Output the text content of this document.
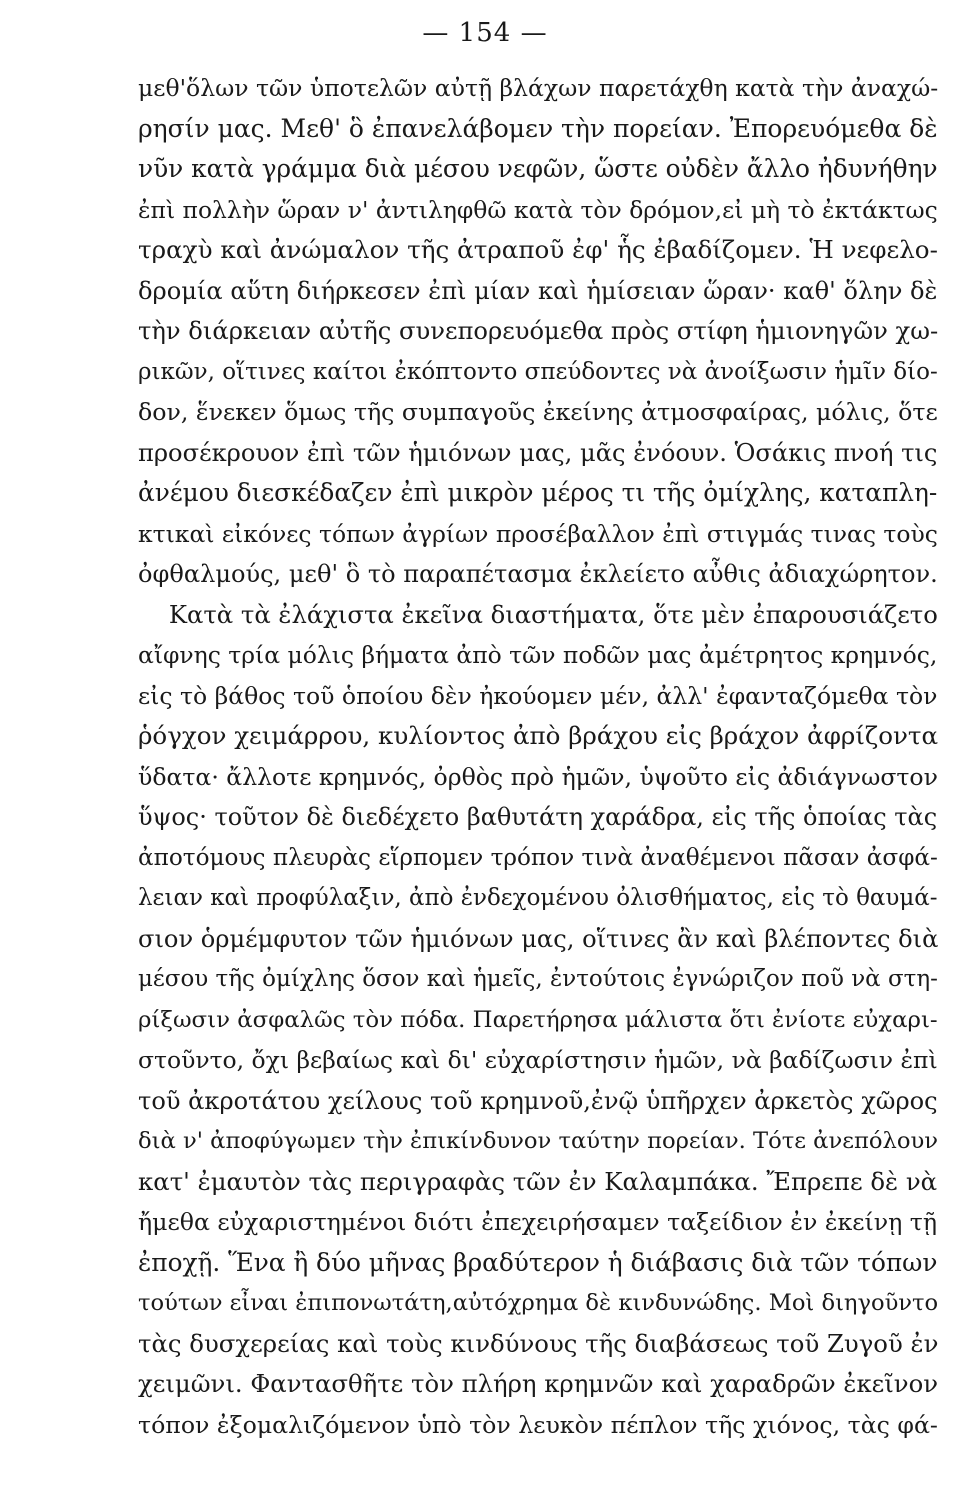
— 154 —
μεθ'ὅλων τῶν ὑποτελῶν αὐτῇ βλάχων παρετάχθη κατὰ τὴν ἀναχώ-
ρησίν μας. Μεθ' ὃ ἐπανελάβομεν τὴν πορείαν. Ἐπορευόμεθα δὲ
νῦν κατὰ γράμμα διὰ μέσου νεφῶν, ὥστε οὐδὲν ἄλλο ἠδυνήθην
ἐπὶ πολλὴν ὥραν ν' ἀντιληφθῶ κατὰ τὸν δρόμον,εἰ μὴ τὸ ἐκτάκτως
τραχὺ καὶ ἀνώμαλον τῆς ἀτραποῦ ἐφ' ἧς ἐβαδίζομεν. Ἡ νεφελο-
δρομία αὕτη διήρκεσεν ἐπὶ μίαν καὶ ἡμίσειαν ὥραν· καθ' ὅλην δὲ
τὴν διάρκειαν αὐτῆς συνεπορευόμεθα πρὸς στίφη ἡμιονηγῶν χω-
ρικῶν, οἵτινες καίτοι ἐκόπτοντο σπεύδοντες νὰ ἀνοίξωσιν ἡμῖν δίο-
δον, ἕνεκεν ὅμως τῆς συμπαγοῦς ἐκείνης ἀτμοσφαίρας, μόλις, ὅτε
προσέκρουον ἐπὶ τῶν ἡμιόνων μας, μᾶς ἐνόουν. Ὁσάκις πνοή τις
ἀνέμου διεσκέδαζεν ἐπὶ μικρὸν μέρος τι τῆς ὀμίχλης, καταπλη-
κτικαὶ εἰκόνες τόπων ἀγρίων προσέβαλλον ἐπὶ στιγμάς τινας τοὺς
ὀφθαλμούς, μεθ' ὃ τὸ παραπέτασμα ἐκλείετο αὖθις ἀδιαχώρητον.
Κατὰ τὰ ἐλάχιστα ἐκεῖνα διαστήματα, ὅτε μὲν ἐπαρουσιάζετο
αἴφνης τρία μόλις βήματα ἀπὸ τῶν ποδῶν μας ἀμέτρητος κρημνός,
εἰς τὸ βάθος τοῦ ὁποίου δὲν ἠκούομεν μέν, ἀλλ' ἐφανταζόμεθα τὸν
ῥόγχον χειμάρρου, κυλίοντος ἀπὸ βράχου εἰς βράχον ἀφρίζοντα
ὕδατα· ἄλλοτε κρημνός, ὀρθὸς πρὸ ἡμῶν, ὑψοῦτο εἰς ἀδιάγνωστον
ὕψος· τοῦτον δὲ διεδέχετο βαθυτάτη χαράδρα, εἰς τῆς ὁποίας τὰς
ἀποτόμους πλευρὰς εἵρπομεν τρόπον τινὰ ἀναθέμενοι πᾶσαν ἀσφά-
λειαν καὶ προφύλαξιν, ἀπὸ ἐνδεχομένου ὀλισθήματος, εἰς τὸ θαυμά-
σιον ὁρμέμφυτον τῶν ἡμιόνων μας, οἵτινες ἂν καὶ βλέποντες διὰ
μέσου τῆς ὀμίχλης ὅσον καὶ ἡμεῖς, ἐντούτοις ἐγνώριζον ποῦ νὰ στη-
ρίξωσιν ἀσφαλῶς τὸν πόδα. Παρετήρησα μάλιστα ὅτι ἐνίοτε εὐχαρι-
στοῦντο, ὄχι βεβαίως καὶ δι' εὐχαρίστησιν ἡμῶν, νὰ βαδίζωσιν ἐπὶ
τοῦ ἀκροτάτου χείλους τοῦ κρημνοῦ,ἐνῷ ὑπῆρχεν ἀρκετὸς χῶρος
διὰ ν' ἀποφύγωμεν τὴν ἐπικίνδυνον ταύτην πορείαν. Τότε ἀνεπόλουν
κατ' ἐμαυτὸν τὰς περιγραφὰς τῶν ἐν Καλαμπάκα. Ἔπρεπε δὲ νὰ
ἤμεθα εὐχαριστημένοι διότι ἐπεχειρήσαμεν ταξείδιον ἐν ἐκείνῃ τῇ
ἐποχῇ. Ἕνα ἢ δύο μῆνας βραδύτερον ἡ διάβασις διὰ τῶν τόπων
τούτων εἶναι ἐπιπονωτάτη,αὐτόχρημα δὲ κινδυνώδης. Μοὶ διηγοῦντο
τὰς δυσχερείας καὶ τοὺς κινδύνους τῆς διαβάσεως τοῦ Ζυγοῦ ἐν
χειμῶνι. Φαντασθῆτε τὸν πλήρη κρημνῶν καὶ χαραδρῶν ἐκεῖνον
τόπον ἐξομαλιζόμενον ὑπὸ τὸν λευκὸν πέπλον τῆς χιόνος, τὰς φά-
